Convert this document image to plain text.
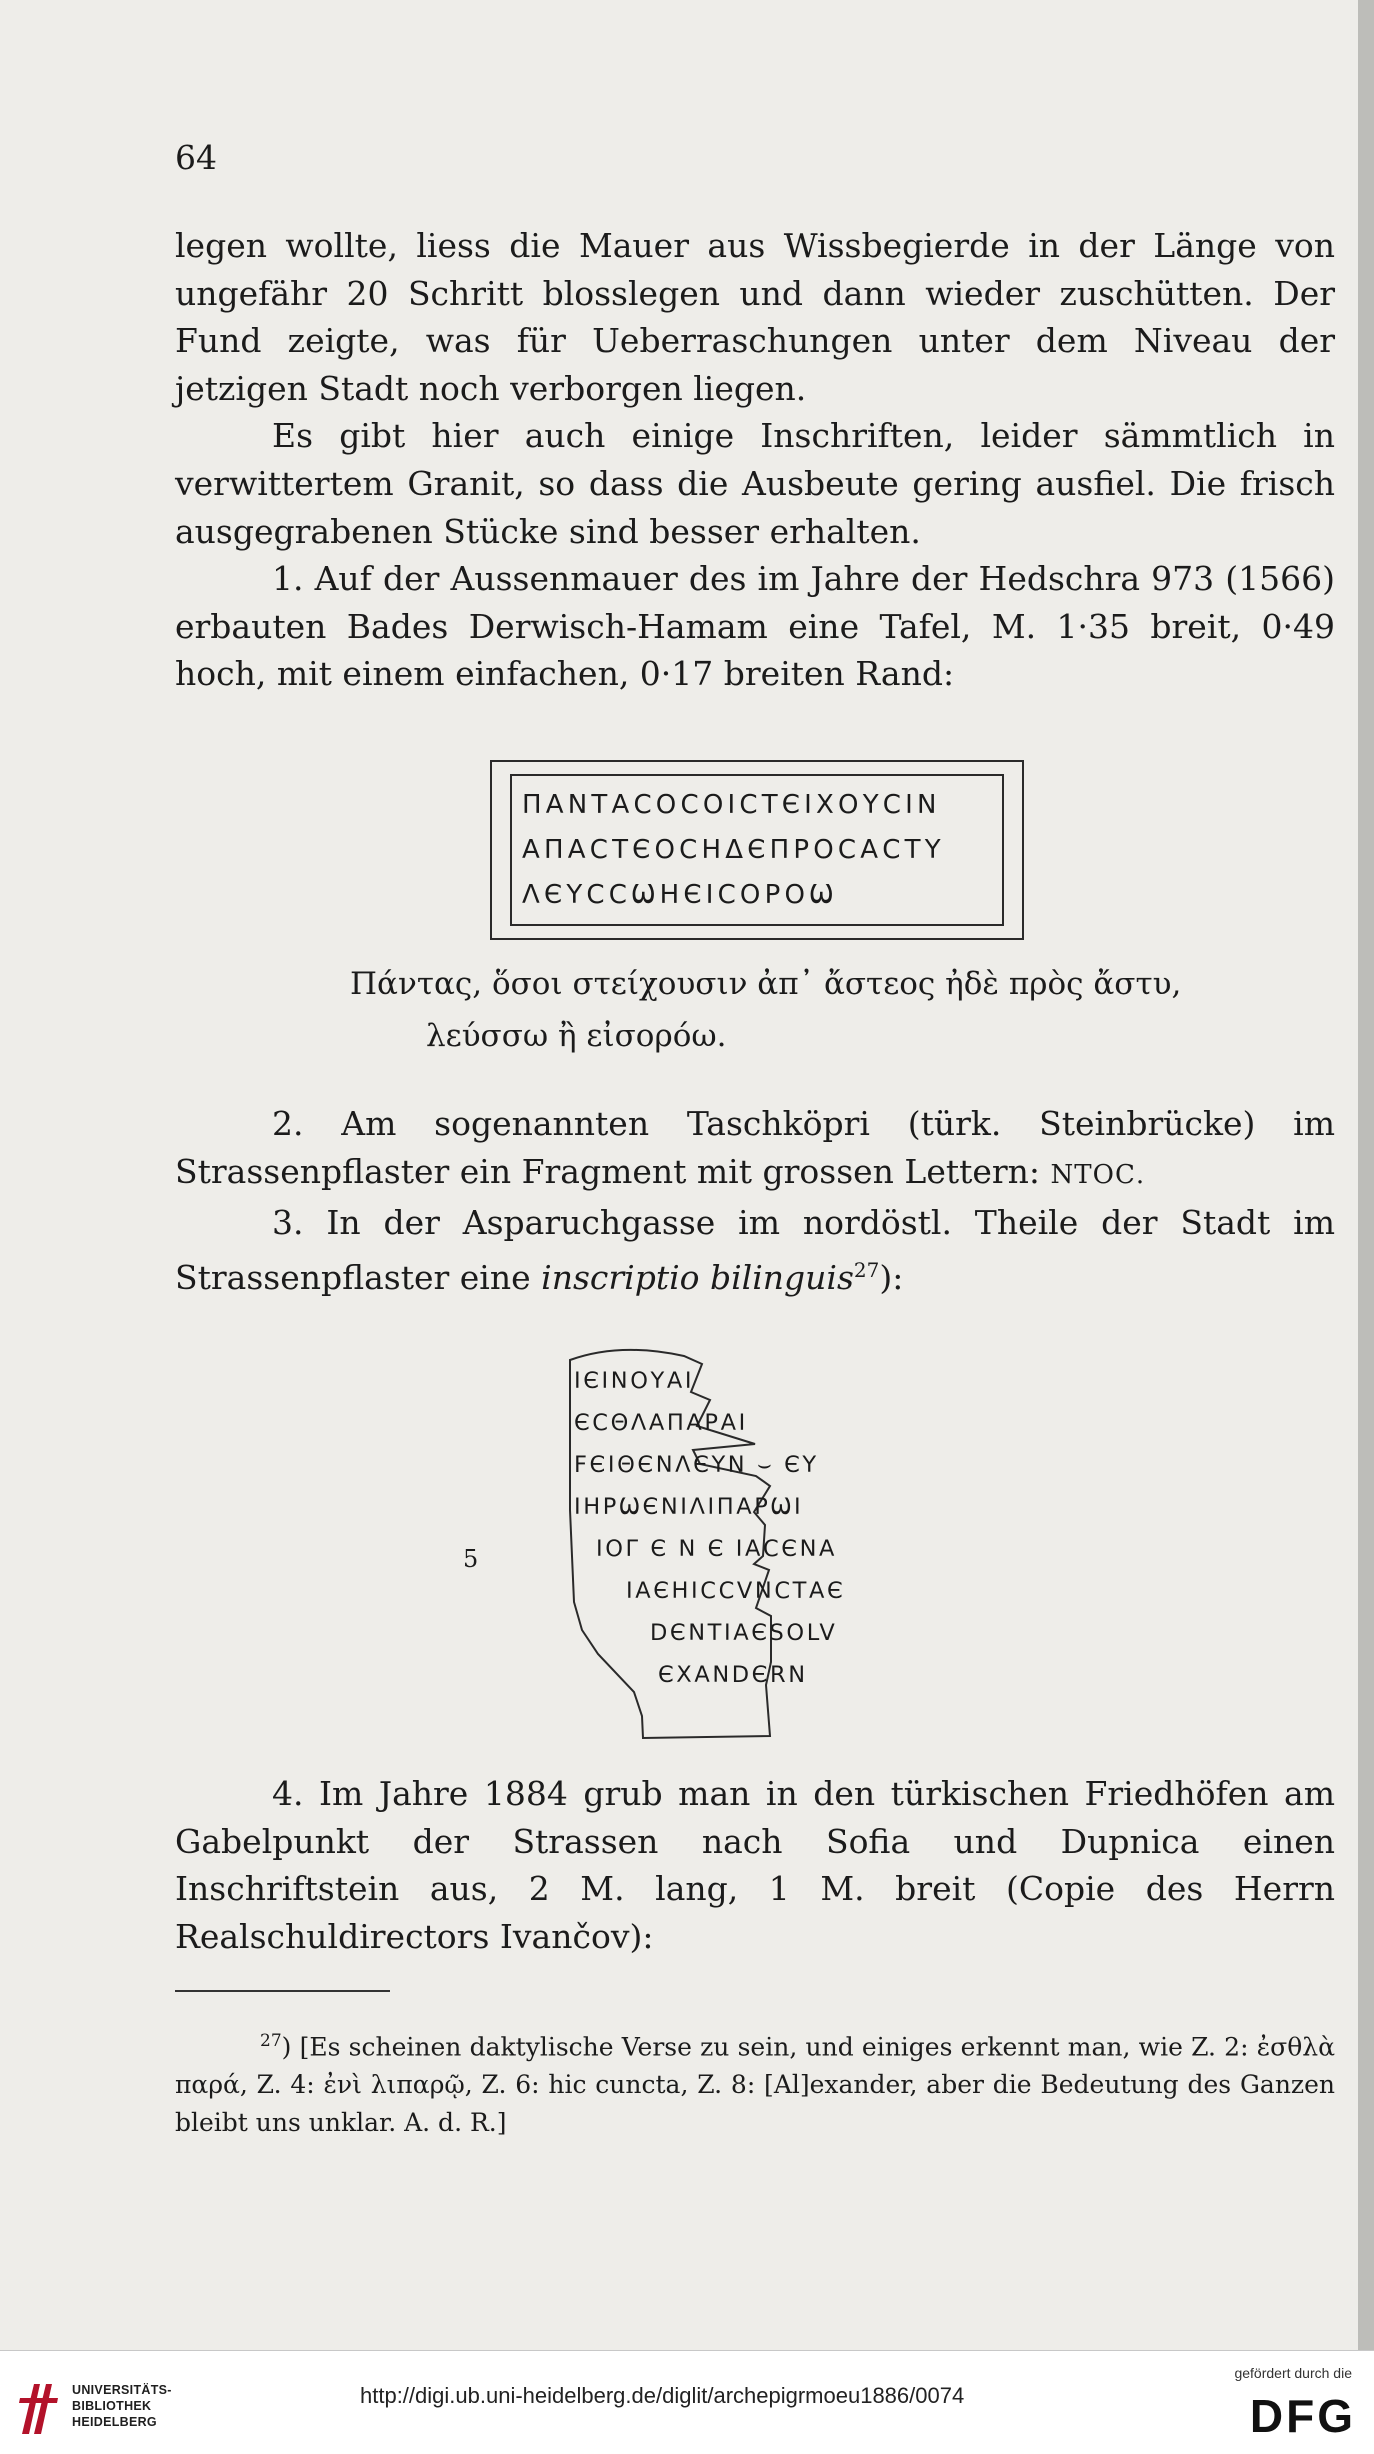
64

legen wollte, liess die Mauer aus Wissbegierde in der Länge von ungefähr 20 Schritt blosslegen und dann wieder zuschütten. Der Fund zeigte, was für Ueberraschungen unter dem Niveau der jetzigen Stadt noch verborgen liegen.

Es gibt hier auch einige Inschriften, leider sämmtlich in verwittertem Granit, so dass die Ausbeute gering ausfiel. Die frisch ausgegrabenen Stücke sind besser erhalten.

1. Auf der Aussenmauer des im Jahre der Hedschra 973 (1566) erbauten Bades Derwisch-Hamam eine Tafel, M. 1·35 breit, 0·49 hoch, mit einem einfachen, 0·17 breiten Rand:

ΠΑΝΤΑϹΟϹΟΙϹΤЄΙΧΟΥϹΙΝ
ΑΠΑϹΤЄΟϹΗΔЄΠΡΟϹΑϹΤΥ
ΛЄΥϹϹѠΗЄΙϹΟΡΟѠ
Πάντας, ὅσοι στείχουσιν ἀπ᾽ ἄστεος ἠδὲ πρὸς ἄστυ,
λεύσσω ἢ εἰσορόω.

2. Am sogenannten Taschköpri (türk. Steinbrücke) im Strassenpflaster ein Fragment mit grossen Lettern: ΝΤΟϹ.

3. In der Asparuchgasse im nordöstl. Theile der Stadt im Strassenpflaster eine inscriptio bilinguis$^{27}$):

ΙЄΙΝΟΥΑΙ
ЄϹΘΛΑΠΑΡΑΙ
FЄΙΘЄΝΛЄΥΝ ⌣ ЄΥ
ΙΗΡѠЄΝΙΛΙΠΑΡѠΙ
ΙΟΓ Є Ν Є ΙΑϹЄΝΑ
ΙΑЄΗΙϹϹVΝϹΤΑЄ
DЄΝΤΙΑЄSOLV
ЄΧΑΝDЄRN
5

4. Im Jahre 1884 grub man in den türkischen Friedhöfen am Gabelpunkt der Strassen nach Sofia und Dupnica einen Inschriftstein aus, 2 M. lang, 1 M. breit (Copie des Herrn Realschuldirectors Ivančov):

$^{27}$) [Es scheinen daktylische Verse zu sein, und einiges erkennt man, wie Z. 2: ἐσθλὰ παρά, Z. 4: ἐνὶ λιπαρῷ, Z. 6: hic cuncta, Z. 8: [Al]exander, aber die Bedeutung des Ganzen bleibt uns unklar. A. d. R.]

UNIVERSITÄTS-
BIBLIOTHEK
HEIDELBERG
http://digi.ub.uni-heidelberg.de/diglit/archepigrmoeu1886/0074
gefördert durch die
DFG
